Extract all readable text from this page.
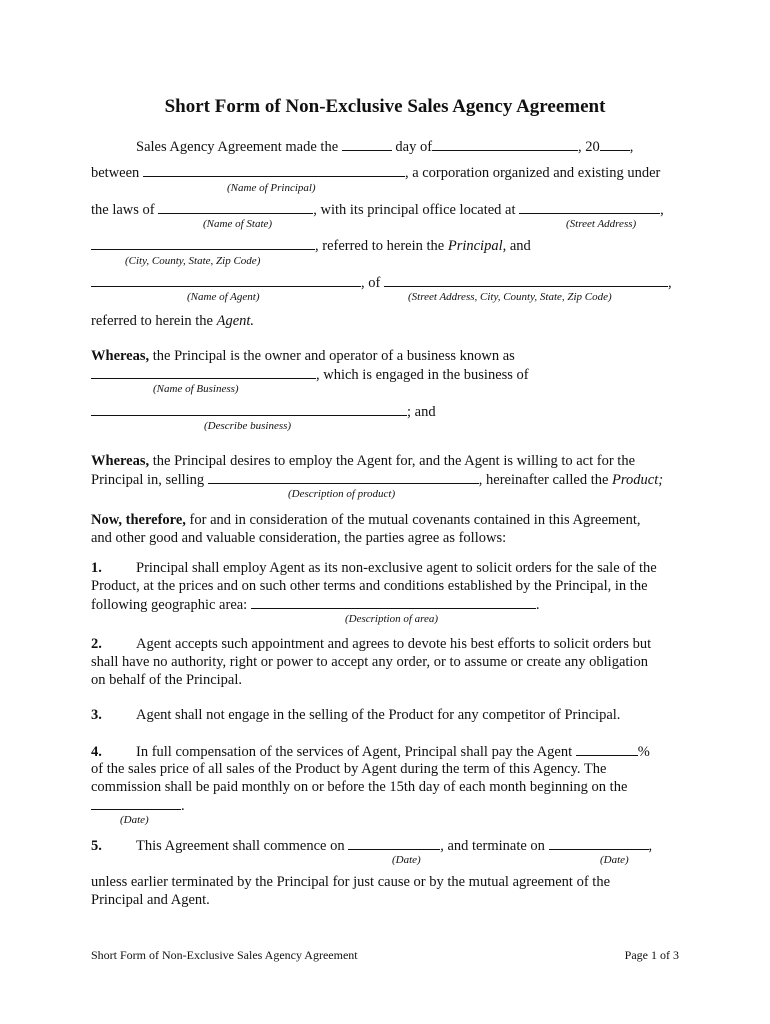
Short Form of Non-Exclusive Sales Agency Agreement
Sales Agency Agreement made the	day of	, 20 ,
between	, a corporation organized and existing under
(Name of Principal)
the laws of	, with its principal office located at	,
(Name of State)	(Street Address)
, referred to herein the Principal, and
(City, County, State, Zip Code)
, of	,
(Name of Agent)	(Street Address, City, County, State, Zip Code)
referred to herein the Agent.
Whereas, the Principal is the owner and operator of a business known as
, which is engaged in the business of
(Name of Business)
; and
(Describe business)
Whereas, the Principal desires to employ the Agent for, and the Agent is willing to act for the
Principal in, selling	, hereinafter called the Product;
(Description of product)
Now, therefore, for and in consideration of the mutual covenants contained in this Agreement,
and other good and valuable consideration, the parties agree as follows:
1. Principal shall employ Agent as its non-exclusive agent to solicit orders for the sale of the
Product, at the prices and on such other terms and conditions established by the Principal, in the
following geographic area:	.
(Description of area)
2. Agent accepts such appointment and agrees to devote his best efforts to solicit orders but
shall have no authority, right or power to accept any order, or to assume or create any obligation
on behalf of the Principal.
3. Agent shall not engage in the selling of the Product for any competitor of Principal.
4. In full compensation of the services of Agent, Principal shall pay the Agent	%
of the sales price of all sales of the Product by Agent during the term of this Agency. The
commission shall be paid monthly on or before the 15th day of each month beginning on the
.
(Date)
5. This Agreement shall commence on	, and terminate on	,
(Date)	(Date)
unless earlier terminated by the Principal for just cause or by the mutual agreement of the
Principal and Agent.
Short Form of Non-Exclusive Sales Agency Agreement	Page 1 of 3
